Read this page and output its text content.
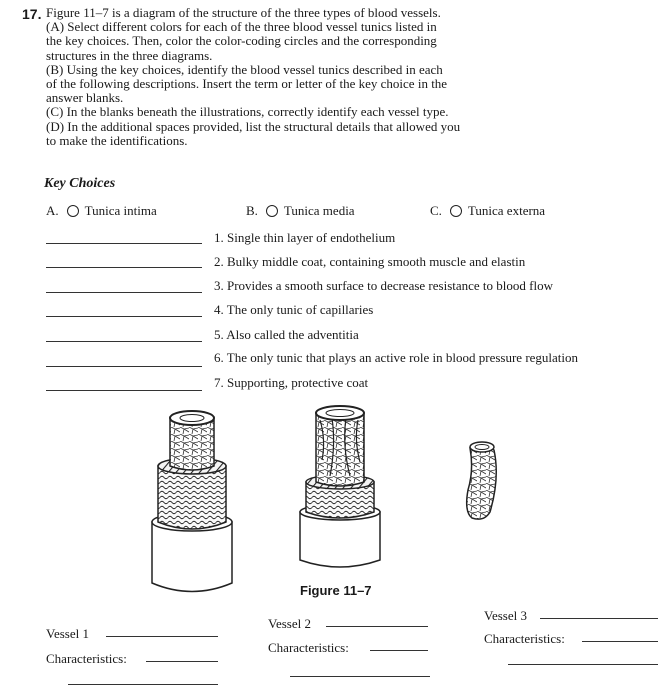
17. Figure 11–7 is a diagram of the structure of the three types of blood vessels.

(A) Select different colors for each of the three blood vessel tunics listed in

the key choices. Then, color the color-coding circles and the corresponding

structures in the three diagrams.

(B) Using the key choices, identify the blood vessel tunics described in each

of the following descriptions. Insert the term or letter of the key choice in the

answer blanks.

(C) In the blanks beneath the illustrations, correctly identify each vessel type.

(D) In the additional spaces provided, list the structural details that allowed you

to make the identifications.

Key Choices
A. Tunica intima	B. Tunica media	C. Tunica externa
1. Single thin layer of endothelium
2. Bulky middle coat, containing smooth muscle and elastin
3. Provides a smooth surface to decrease resistance to blood flow
4. The only tunic of capillaries
5. Also called the adventitia
6. The only tunic that plays an active role in blood pressure regulation
7. Supporting, protective coat
Figure 11–7
Vessel 1
Characteristics:
Vessel 2
Characteristics:
Vessel 3
Characteristics:
